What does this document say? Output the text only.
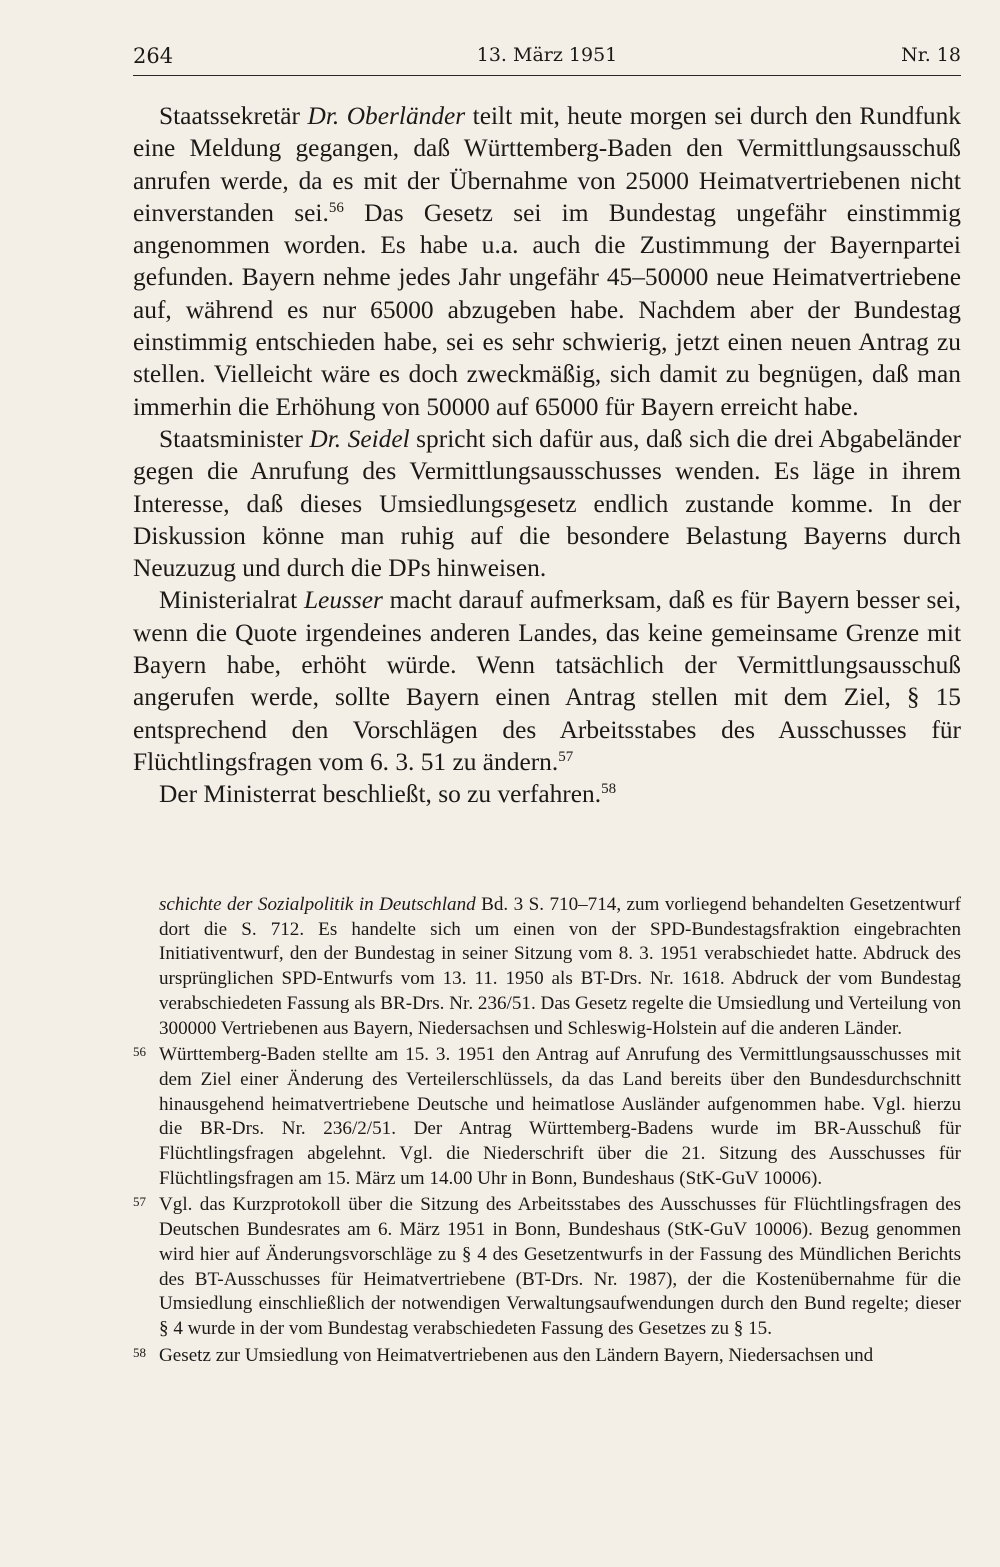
264	13. März 1951	Nr. 18

Staatssekretär Dr. Oberländer teilt mit, heute morgen sei durch den Rundfunk eine Meldung gegangen, daß Württemberg-Baden den Vermittlungsausschuß anrufen werde, da es mit der Übernahme von 25000 Heimatvertriebenen nicht einverstanden sei.$^{56}$ Das Gesetz sei im Bundestag ungefähr einstimmig angenommen worden. Es habe u.a. auch die Zustimmung der Bayernpartei gefunden. Bayern nehme jedes Jahr ungefähr 45–50000 neue Heimatvertriebene auf, während es nur 65000 abzugeben habe. Nachdem aber der Bundestag einstimmig entschieden habe, sei es sehr schwierig, jetzt einen neuen Antrag zu stellen. Vielleicht wäre es doch zweckmäßig, sich damit zu begnügen, daß man immerhin die Erhöhung von 50000 auf 65000 für Bayern erreicht habe.

Staatsminister Dr. Seidel spricht sich dafür aus, daß sich die drei Abgabeländer gegen die Anrufung des Vermittlungsausschusses wenden. Es läge in ihrem Interesse, daß dieses Umsiedlungsgesetz endlich zustande komme. In der Diskussion könne man ruhig auf die besondere Belastung Bayerns durch Neuzuzug und durch die DPs hinweisen.

Ministerialrat Leusser macht darauf aufmerksam, daß es für Bayern besser sei, wenn die Quote irgendeines anderen Landes, das keine gemeinsame Grenze mit Bayern habe, erhöht würde. Wenn tatsächlich der Vermittlungsausschuß angerufen werde, sollte Bayern einen Antrag stellen mit dem Ziel, § 15 entsprechend den Vorschlägen des Arbeitsstabes des Ausschusses für Flüchtlingsfragen vom 6. 3. 51 zu ändern.$^{57}$

Der Ministerrat beschließt, so zu verfahren.$^{58}$

schichte der Sozialpolitik in Deutschland Bd. 3 S. 710–714, zum vorliegend behandelten Gesetzentwurf dort die S. 712. Es handelte sich um einen von der SPD-Bundestagsfraktion eingebrachten Initiativentwurf, den der Bundestag in seiner Sitzung vom 8. 3. 1951 verabschiedet hatte. Abdruck des ursprünglichen SPD-Entwurfs vom 13. 11. 1950 als BT-Drs. Nr. 1618. Abdruck der vom Bundestag verabschiedeten Fassung als BR-Drs. Nr. 236/51. Das Gesetz regelte die Umsiedlung und Verteilung von 300000 Vertriebenen aus Bayern, Niedersachsen und Schleswig-Holstein auf die anderen Länder.

56 Württemberg-Baden stellte am 15. 3. 1951 den Antrag auf Anrufung des Vermittlungsausschusses mit dem Ziel einer Änderung des Verteilerschlüssels, da das Land bereits über den Bundesdurchschnitt hinausgehend heimatvertriebene Deutsche und heimatlose Ausländer aufgenommen habe. Vgl. hierzu die BR-Drs. Nr. 236/2/51. Der Antrag Württemberg-Badens wurde im BR-Ausschuß für Flüchtlingsfragen abgelehnt. Vgl. die Niederschrift über die 21. Sitzung des Ausschusses für Flüchtlingsfragen am 15. März um 14.00 Uhr in Bonn, Bundeshaus (StK-GuV 10006).
57 Vgl. das Kurzprotokoll über die Sitzung des Arbeitsstabes des Ausschusses für Flüchtlingsfragen des Deutschen Bundesrates am 6. März 1951 in Bonn, Bundeshaus (StK-GuV 10006). Bezug genommen wird hier auf Änderungsvorschläge zu § 4 des Gesetzentwurfs in der Fassung des Mündlichen Berichts des BT-Ausschusses für Heimatvertriebene (BT-Drs. Nr. 1987), der die Kostenübernahme für die Umsiedlung einschließlich der notwendigen Verwaltungsaufwendungen durch den Bund regelte; dieser § 4 wurde in der vom Bundestag verabschiedeten Fassung des Gesetzes zu § 15.
58 Gesetz zur Umsiedlung von Heimatvertriebenen aus den Ländern Bayern, Niedersachsen und
